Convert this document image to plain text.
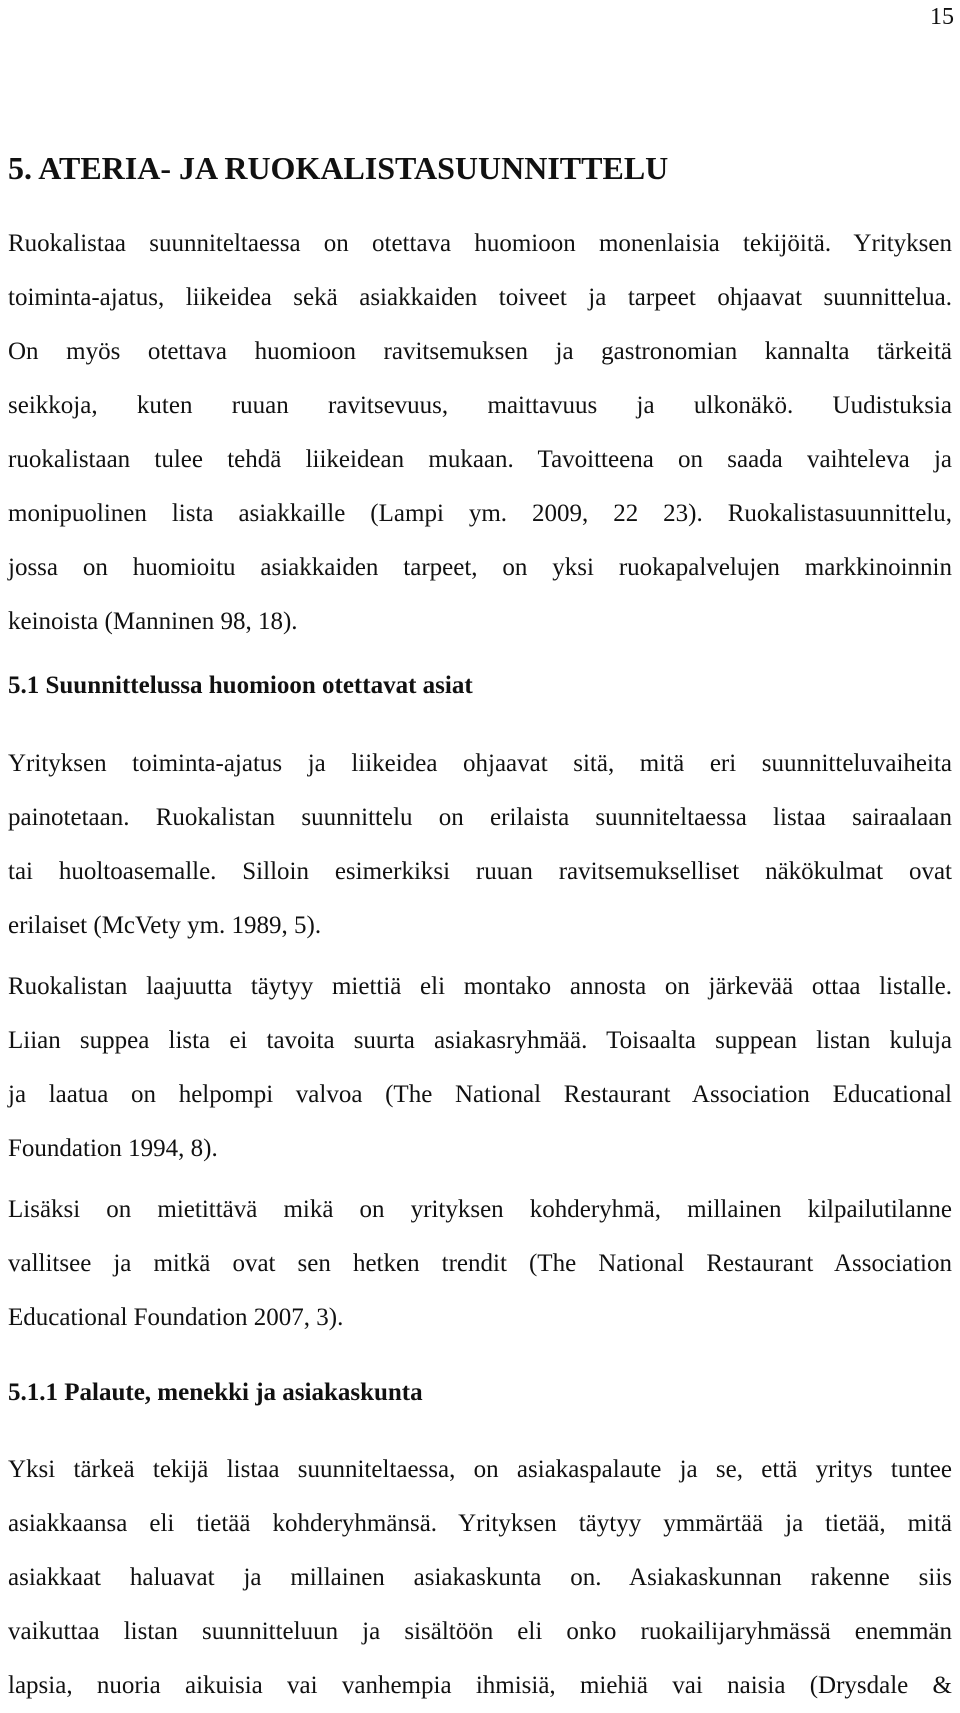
15
5. ATERIA- JA RUOKALISTASUUNNITTELU
Ruokalistaa suunniteltaessa on otettava huomioon monenlaisia tekijöitä. Yrityksen
toiminta-ajatus, liikeidea sekä asiakkaiden toiveet ja tarpeet ohjaavat suunnittelua.
On myös otettava huomioon ravitsemuksen ja gastronomian kannalta tärkeitä
seikkoja, kuten ruuan ravitsevuus, maittavuus ja ulkonäkö. Uudistuksia
ruokalistaan tulee tehdä liikeidean mukaan. Tavoitteena on saada vaihteleva ja
monipuolinen lista asiakkaille (Lampi ym. 2009, 22 23). Ruokalistasuunnittelu,
jossa on huomioitu asiakkaiden tarpeet, on yksi ruokapalvelujen markkinoinnin
keinoista (Manninen 98, 18).
5.1 Suunnittelussa huomioon otettavat asiat
Yrityksen toiminta-ajatus ja liikeidea ohjaavat sitä, mitä eri suunnitteluvaiheita
painotetaan. Ruokalistan suunnittelu on erilaista suunniteltaessa listaa sairaalaan
tai huoltoasemalle. Silloin esimerkiksi ruuan ravitsemukselliset näkökulmat ovat
erilaiset (McVety ym. 1989, 5).
Ruokalistan laajuutta täytyy miettiä eli montako annosta on järkevää ottaa listalle.
Liian suppea lista ei tavoita suurta asiakasryhmää. Toisaalta suppean listan kuluja
ja laatua on helpompi valvoa (The National Restaurant Association Educational
Foundation 1994, 8).
Lisäksi on mietittävä mikä on yrityksen kohderyhmä, millainen kilpailutilanne
vallitsee ja mitkä ovat sen hetken trendit (The National Restaurant Association
Educational Foundation 2007, 3).
5.1.1 Palaute, menekki ja asiakaskunta
Yksi tärkeä tekijä listaa suunniteltaessa, on asiakaspalaute ja se, että yritys tuntee
asiakkaansa eli tietää kohderyhmänsä. Yrityksen täytyy ymmärtää ja tietää, mitä
asiakkaat haluavat ja millainen asiakaskunta on. Asiakaskunnan rakenne siis
vaikuttaa listan suunnitteluun ja sisältöön eli onko ruokailijaryhmässä enemmän
lapsia, nuoria aikuisia vai vanhempia ihmisiä, miehiä vai naisia (Drysdale &
